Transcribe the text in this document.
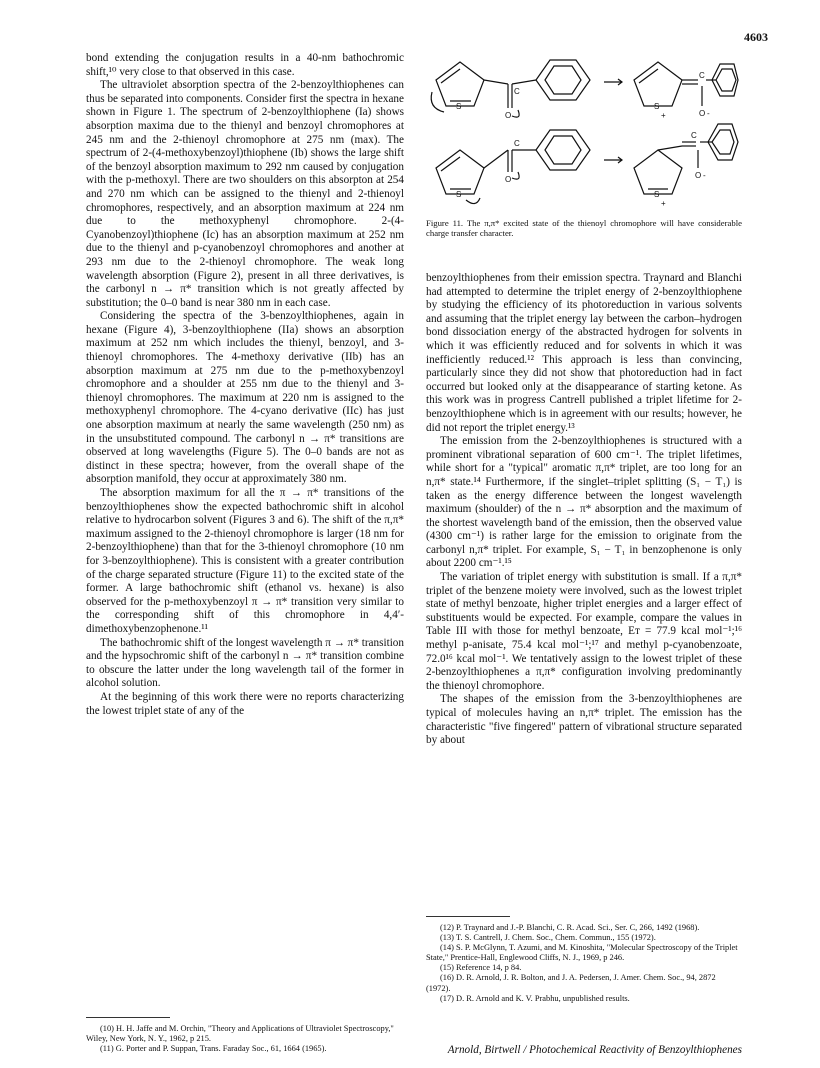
4603

bond extending the conjugation results in a 40-nm bathochromic shift,¹⁰ very close to that observed in this case.

The ultraviolet absorption spectra of the 2-benzoylthiophenes can thus be separated into components. Consider first the spectra in hexane shown in Figure 1. The spectrum of 2-benzoylthiophene (Ia) shows absorption maxima due to the thienyl and benzoyl chromophores at 245 nm and the 2-thienoyl chromophore at 275 nm (max). The spectrum of 2-(4-methoxybenzoyl)thiophene (Ib) shows the large shift of the benzoyl absorption maximum to 292 nm caused by conjugation with the p-methoxyl. There are two shoulders on this absorpton at 254 and 270 nm which can be assigned to the thienyl and 2-thienoyl chromophores, respectively, and an absorption maximum at 224 nm due to the methoxyphenyl chromophore. 2-(4-Cyanobenzoyl)thiophene (Ic) has an absorption maximum at 252 nm due to the thienyl and p-cyanobenzoyl chromophores and another at 293 nm due to the 2-thienoyl chromophore. The weak long wavelength absorption (Figure 2), present in all three derivatives, is the carbonyl n → π* transition which is not greatly affected by substitution; the 0–0 band is near 380 nm in each case.

Considering the spectra of the 3-benzoylthiophenes, again in hexane (Figure 4), 3-benzoylthiophene (IIa) shows an absorption maximum at 252 nm which includes the thienyl, benzoyl, and 3-thienoyl chromophores. The 4-methoxy derivative (IIb) has an absorption maximum at 275 nm due to the p-methoxybenzoyl chromophore and a shoulder at 255 nm due to the thienyl and 3-thienoyl chromophores. The maximum at 220 nm is assigned to the methoxyphenyl chromophore. The 4-cyano derivative (IIc) has just one absorption maximum at nearly the same wavelength (250 nm) as in the unsubstituted compound. The carbonyl n → π* transitions are observed at long wavelengths (Figure 5). The 0–0 bands are not as distinct in these spectra; however, from the overall shape of the absorption manifold, they occur at approximately 380 nm.

The absorption maximum for all the π → π* transitions of the benzoylthiophenes show the expected bathochromic shift in alcohol relative to hydrocarbon solvent (Figures 3 and 6). The shift of the π,π* maximum assigned to the 2-thienoyl chromophore is larger (18 nm for 2-benzoylthiophene) than that for the 3-thienoyl chromophore (10 nm for 3-benzoylthiophene). This is consistent with a greater contribution of the charge separated structure (Figure 11) to the excited state of the former. A large bathochromic shift (ethanol vs. hexane) is also observed for the p-methoxybenzoyl π → π* transition very similar to the corresponding shift of this chromophore in 4,4′-dimethoxybenzophenone.¹¹

The bathochromic shift of the longest wavelength π → π* transition and the hypsochromic shift of the carbonyl n → π* transition combine to obscure the latter under the long wavelength tail of the former in alcohol solution.

At the beginning of this work there were no reports characterizing the lowest triplet state of any of the

(10) H. H. Jaffe and M. Orchin, "Theory and Applications of Ultraviolet Spectroscopy," Wiley, New York, N. Y., 1962, p 215.

(11) G. Porter and P. Suppan, Trans. Faraday Soc., 61, 1664 (1965).

S
O
C
S
+
C
O -
S
O
C
S
+
C
O -
Figure 11. The π,π* excited state of the thienoyl chromophore will have considerable charge transfer character.

benzoylthiophenes from their emission spectra. Traynard and Blanchi had attempted to determine the triplet energy of 2-benzoylthiophene by studying the efficiency of its photoreduction in various solvents and assuming that the triplet energy lay between the carbon–hydrogen bond dissociation energy of the abstracted hydrogen for solvents in which it was efficiently reduced and for solvents in which it was inefficiently reduced.¹² This approach is less than convincing, particularly since they did not show that photoreduction had in fact occurred but looked only at the disappearance of starting ketone. As this work was in progress Cantrell published a triplet lifetime for 2-benzoylthiophene which is in agreement with our results; however, he did not report the triplet energy.¹³

The emission from the 2-benzoylthiophenes is structured with a prominent vibrational separation of 600 cm⁻¹. The triplet lifetimes, while short for a "typical" aromatic π,π* triplet, are too long for an n,π* state.¹⁴ Furthermore, if the singlet–triplet splitting (S₁ − T₁) is taken as the energy difference between the longest wavelength maximum (shoulder) of the n → π* absorption and the maximum of the shortest wavelength band of the emission, then the observed value (4300 cm⁻¹) is rather large for the emission to originate from the carbonyl n,π* triplet. For example, S₁ − T₁ in benzophenone is only about 2200 cm⁻¹.¹⁵

The variation of triplet energy with substitution is small. If a π,π* triplet of the benzene moiety were involved, such as the lowest triplet state of methyl benzoate, higher triplet energies and a larger effect of substituents would be expected. For example, compare the values in Table III with those for methyl benzoate, Eᴛ = 77.9 kcal mol⁻¹;¹⁶ methyl p-anisate, 75.4 kcal mol⁻¹;¹⁷ and methyl p-cyanobenzoate, 72.0¹⁶ kcal mol⁻¹. We tentatively assign to the lowest triplet of these 2-benzoylthiophenes a π,π* configuration involving predominantly the thienoyl chromophore.

The shapes of the emission from the 3-benzoylthiophenes are typical of molecules having an n,π* triplet. The emission has the characteristic "five fingered" pattern of vibrational structure separated by about

(12) P. Traynard and J.-P. Blanchi, C. R. Acad. Sci., Ser. C, 266, 1492 (1968).

(13) T. S. Cantrell, J. Chem. Soc., Chem. Commun., 155 (1972).

(14) S. P. McGlynn, T. Azumi, and M. Kinoshita, "Molecular Spectroscopy of the Triplet State," Prentice-Hall, Englewood Cliffs, N. J., 1969, p 246.

(15) Reference 14, p 84.

(16) D. R. Arnold, J. R. Bolton, and J. A. Pedersen, J. Amer. Chem. Soc., 94, 2872 (1972).

(17) D. R. Arnold and K. V. Prabhu, unpublished results.

Arnold, Birtwell / Photochemical Reactivity of Benzoylthiophenes
